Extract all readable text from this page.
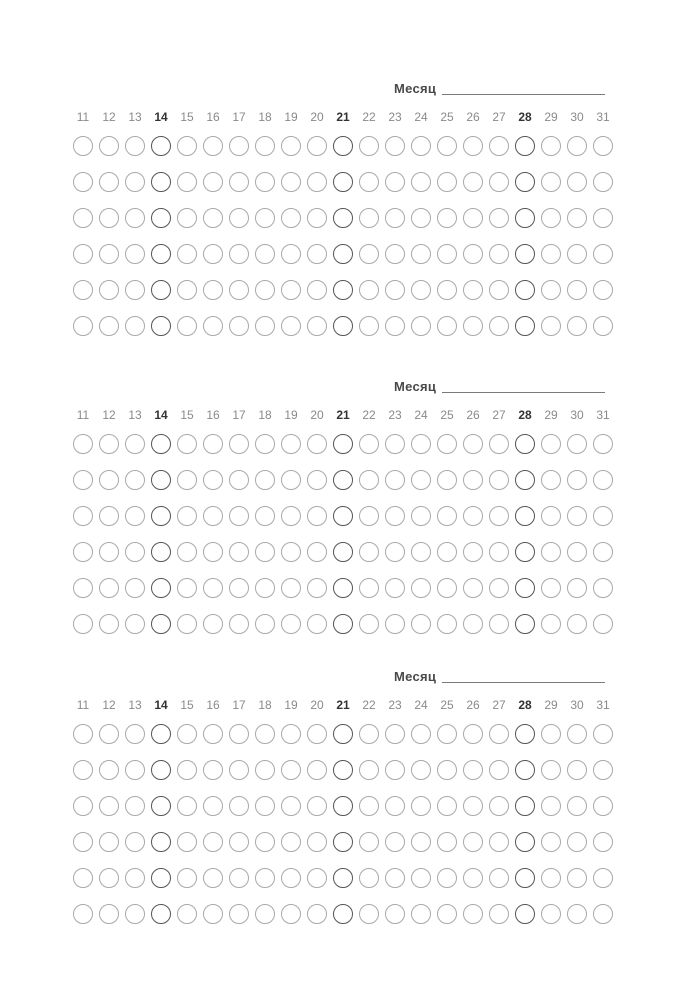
Месяц
11	12	13	14	15	16	17	18	19	20	21	22	23	24	25	26	27	28	29	30	31
Месяц
11	12	13	14	15	16	17	18	19	20	21	22	23	24	25	26	27	28	29	30	31
Месяц
11	12	13	14	15	16	17	18	19	20	21	22	23	24	25	26	27	28	29	30	31
